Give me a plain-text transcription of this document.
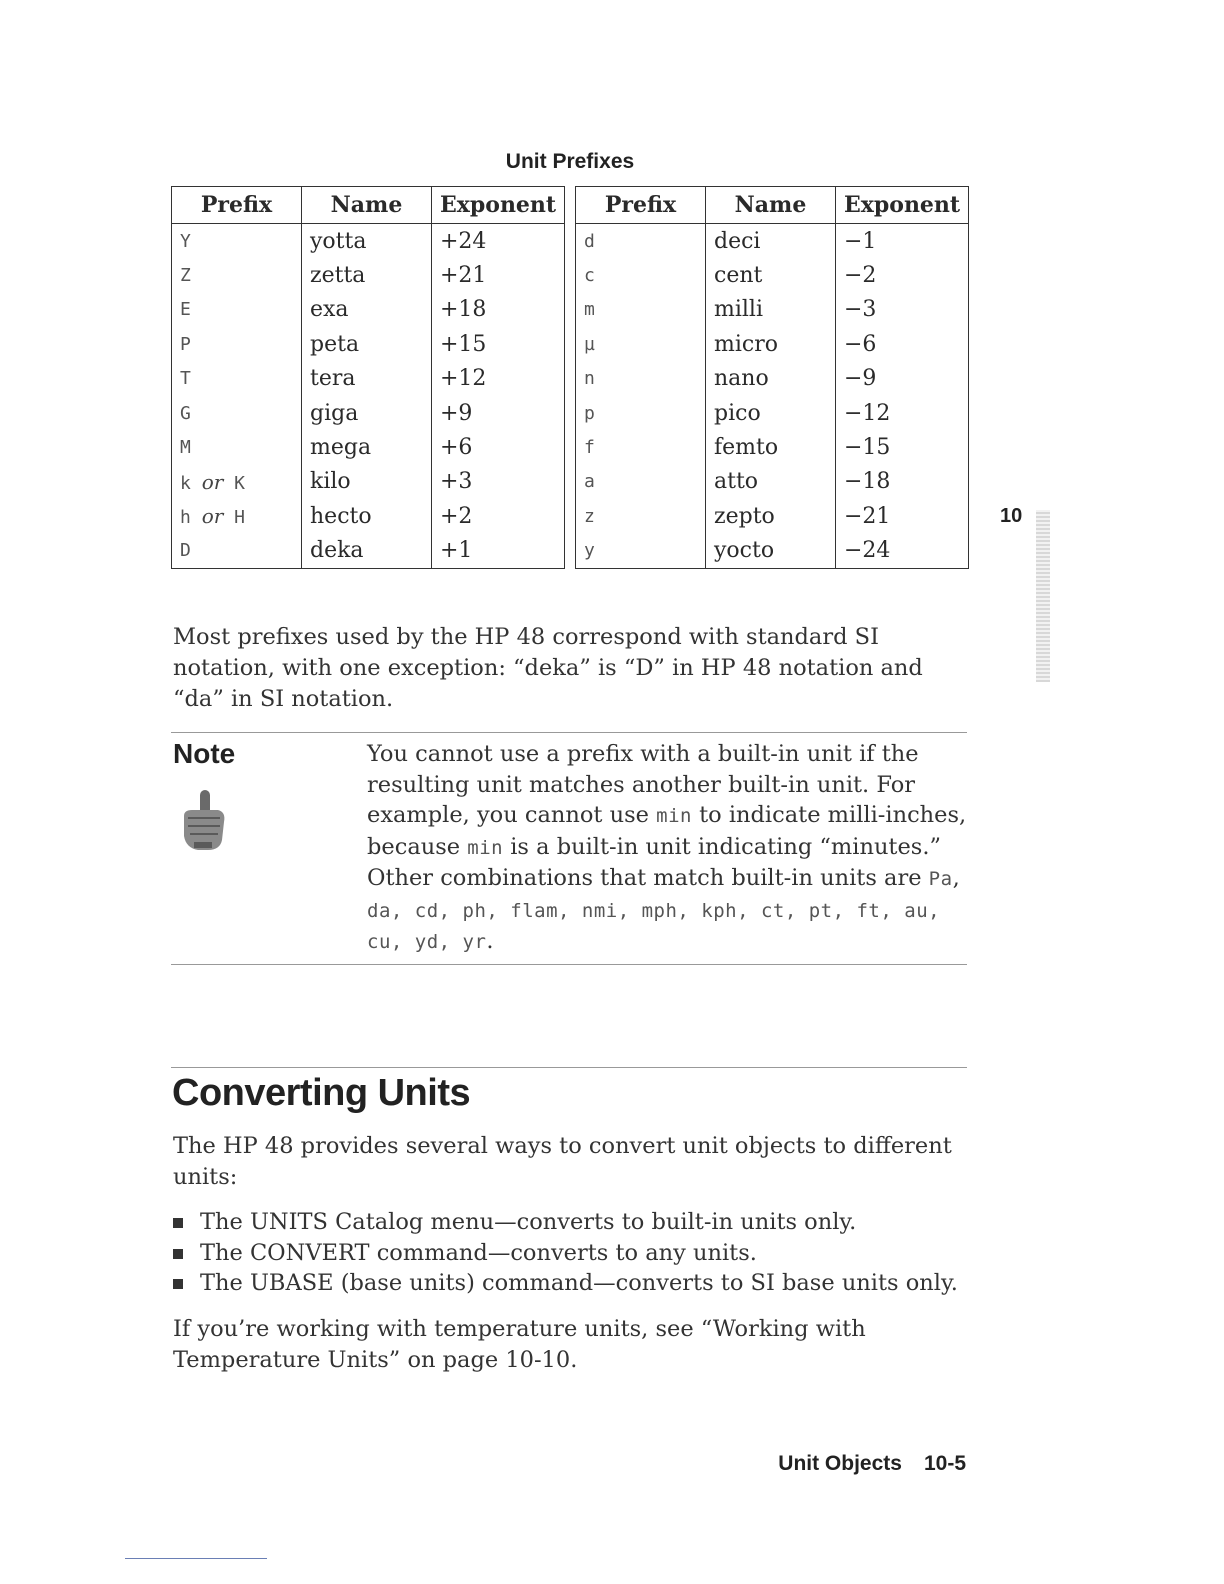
Unit Prefixes
Prefix	Name	Exponent
Y	yotta	+24
Z	zetta	+21
E	exa	+18
P	peta	+15
T	tera	+12
G	giga	+9
M	mega	+6
k or K	kilo	+3
h or H	hecto	+2
D	deka	+1
Prefix	Name	Exponent
d	deci	−1
c	cent	−2
m	milli	−3
µ	micro	−6
n	nano	−9
p	pico	−12
f	femto	−15
a	atto	−18
z	zepto	−21
y	yocto	−24
10
Most prefixes used by the HP 48 correspond with standard SI notation, with one exception: “deka” is “D” in HP 48 notation and “da” in SI notation.
Note	You cannot use a prefix with a built-in unit if the resulting unit matches another built-in unit. For example, you cannot use min to indicate milli-inches, because min is a built-in unit indicating “minutes.” Other combinations that match built-in units are Pa, da, cd, ph, flam, nmi, mph, kph, ct, pt, ft, au, cu, yd, yr.
Converting Units
The HP 48 provides several ways to convert unit objects to different units:
The UNITS Catalog menu—converts to built-in units only.
The CONVERT command—converts to any units.
The UBASE (base units) command—converts to SI base units only.
If you’re working with temperature units, see “Working with Temperature Units” on page 10-10.
Unit Objects 10-5
